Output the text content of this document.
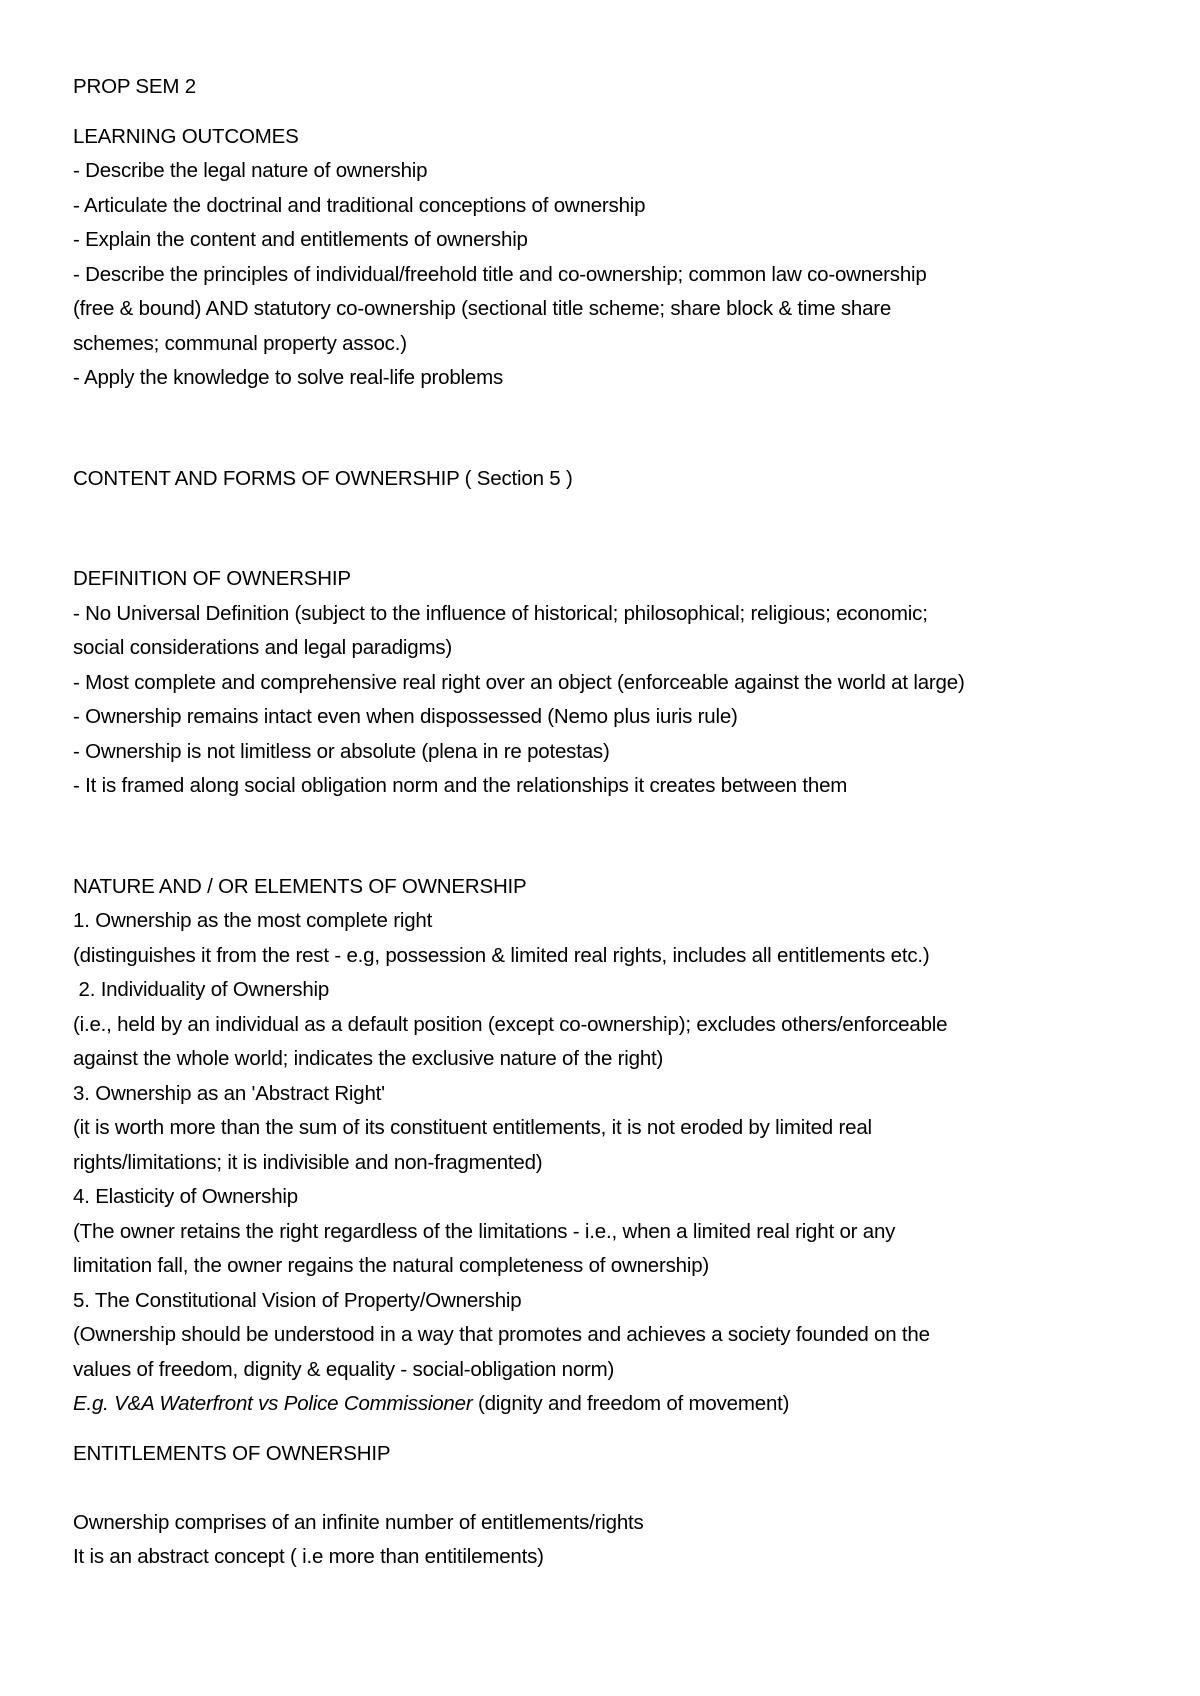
PROP SEM 2
LEARNING OUTCOMES
- Describe the legal nature of ownership
- Articulate the doctrinal and traditional conceptions of ownership
- Explain the content and entitlements of ownership
- Describe the principles of individual/freehold title and co-ownership; common law co-ownership
(free & bound) AND statutory co-ownership (sectional title scheme; share block & time share
schemes; communal property assoc.)
- Apply the knowledge to solve real-life problems
CONTENT AND FORMS OF OWNERSHIP ( Section 5 )
DEFINITION OF OWNERSHIP
- No Universal Definition (subject to the influence of historical; philosophical; religious; economic;
social considerations and legal paradigms)
- Most complete and comprehensive real right over an object (enforceable against the world at large)
- Ownership remains intact even when dispossessed (Nemo plus iuris rule)
- Ownership is not limitless or absolute (plena in re potestas)
- It is framed along social obligation norm and the relationships it creates between them
NATURE AND / OR ELEMENTS OF OWNERSHIP
1. Ownership as the most complete right
(distinguishes it from the rest - e.g, possession & limited real rights, includes all entitlements etc.)
2. Individuality of Ownership
(i.e., held by an individual as a default position (except co-ownership); excludes others/enforceable
against the whole world; indicates the exclusive nature of the right)
3. Ownership as an 'Abstract Right'
(it is worth more than the sum of its constituent entitlements, it is not eroded by limited real
rights/limitations; it is indivisible and non-fragmented)
4. Elasticity of Ownership
(The owner retains the right regardless of the limitations - i.e., when a limited real right or any
limitation fall, the owner regains the natural completeness of ownership)
5. The Constitutional Vision of Property/Ownership
(Ownership should be understood in a way that promotes and achieves a society founded on the
values of freedom, dignity & equality - social-obligation norm)
E.g. V&A Waterfront vs Police Commissioner (dignity and freedom of movement)
ENTITLEMENTS OF OWNERSHIP
Ownership comprises of an infinite number of entitlements/rights
It is an abstract concept ( i.e more than entitilements)
